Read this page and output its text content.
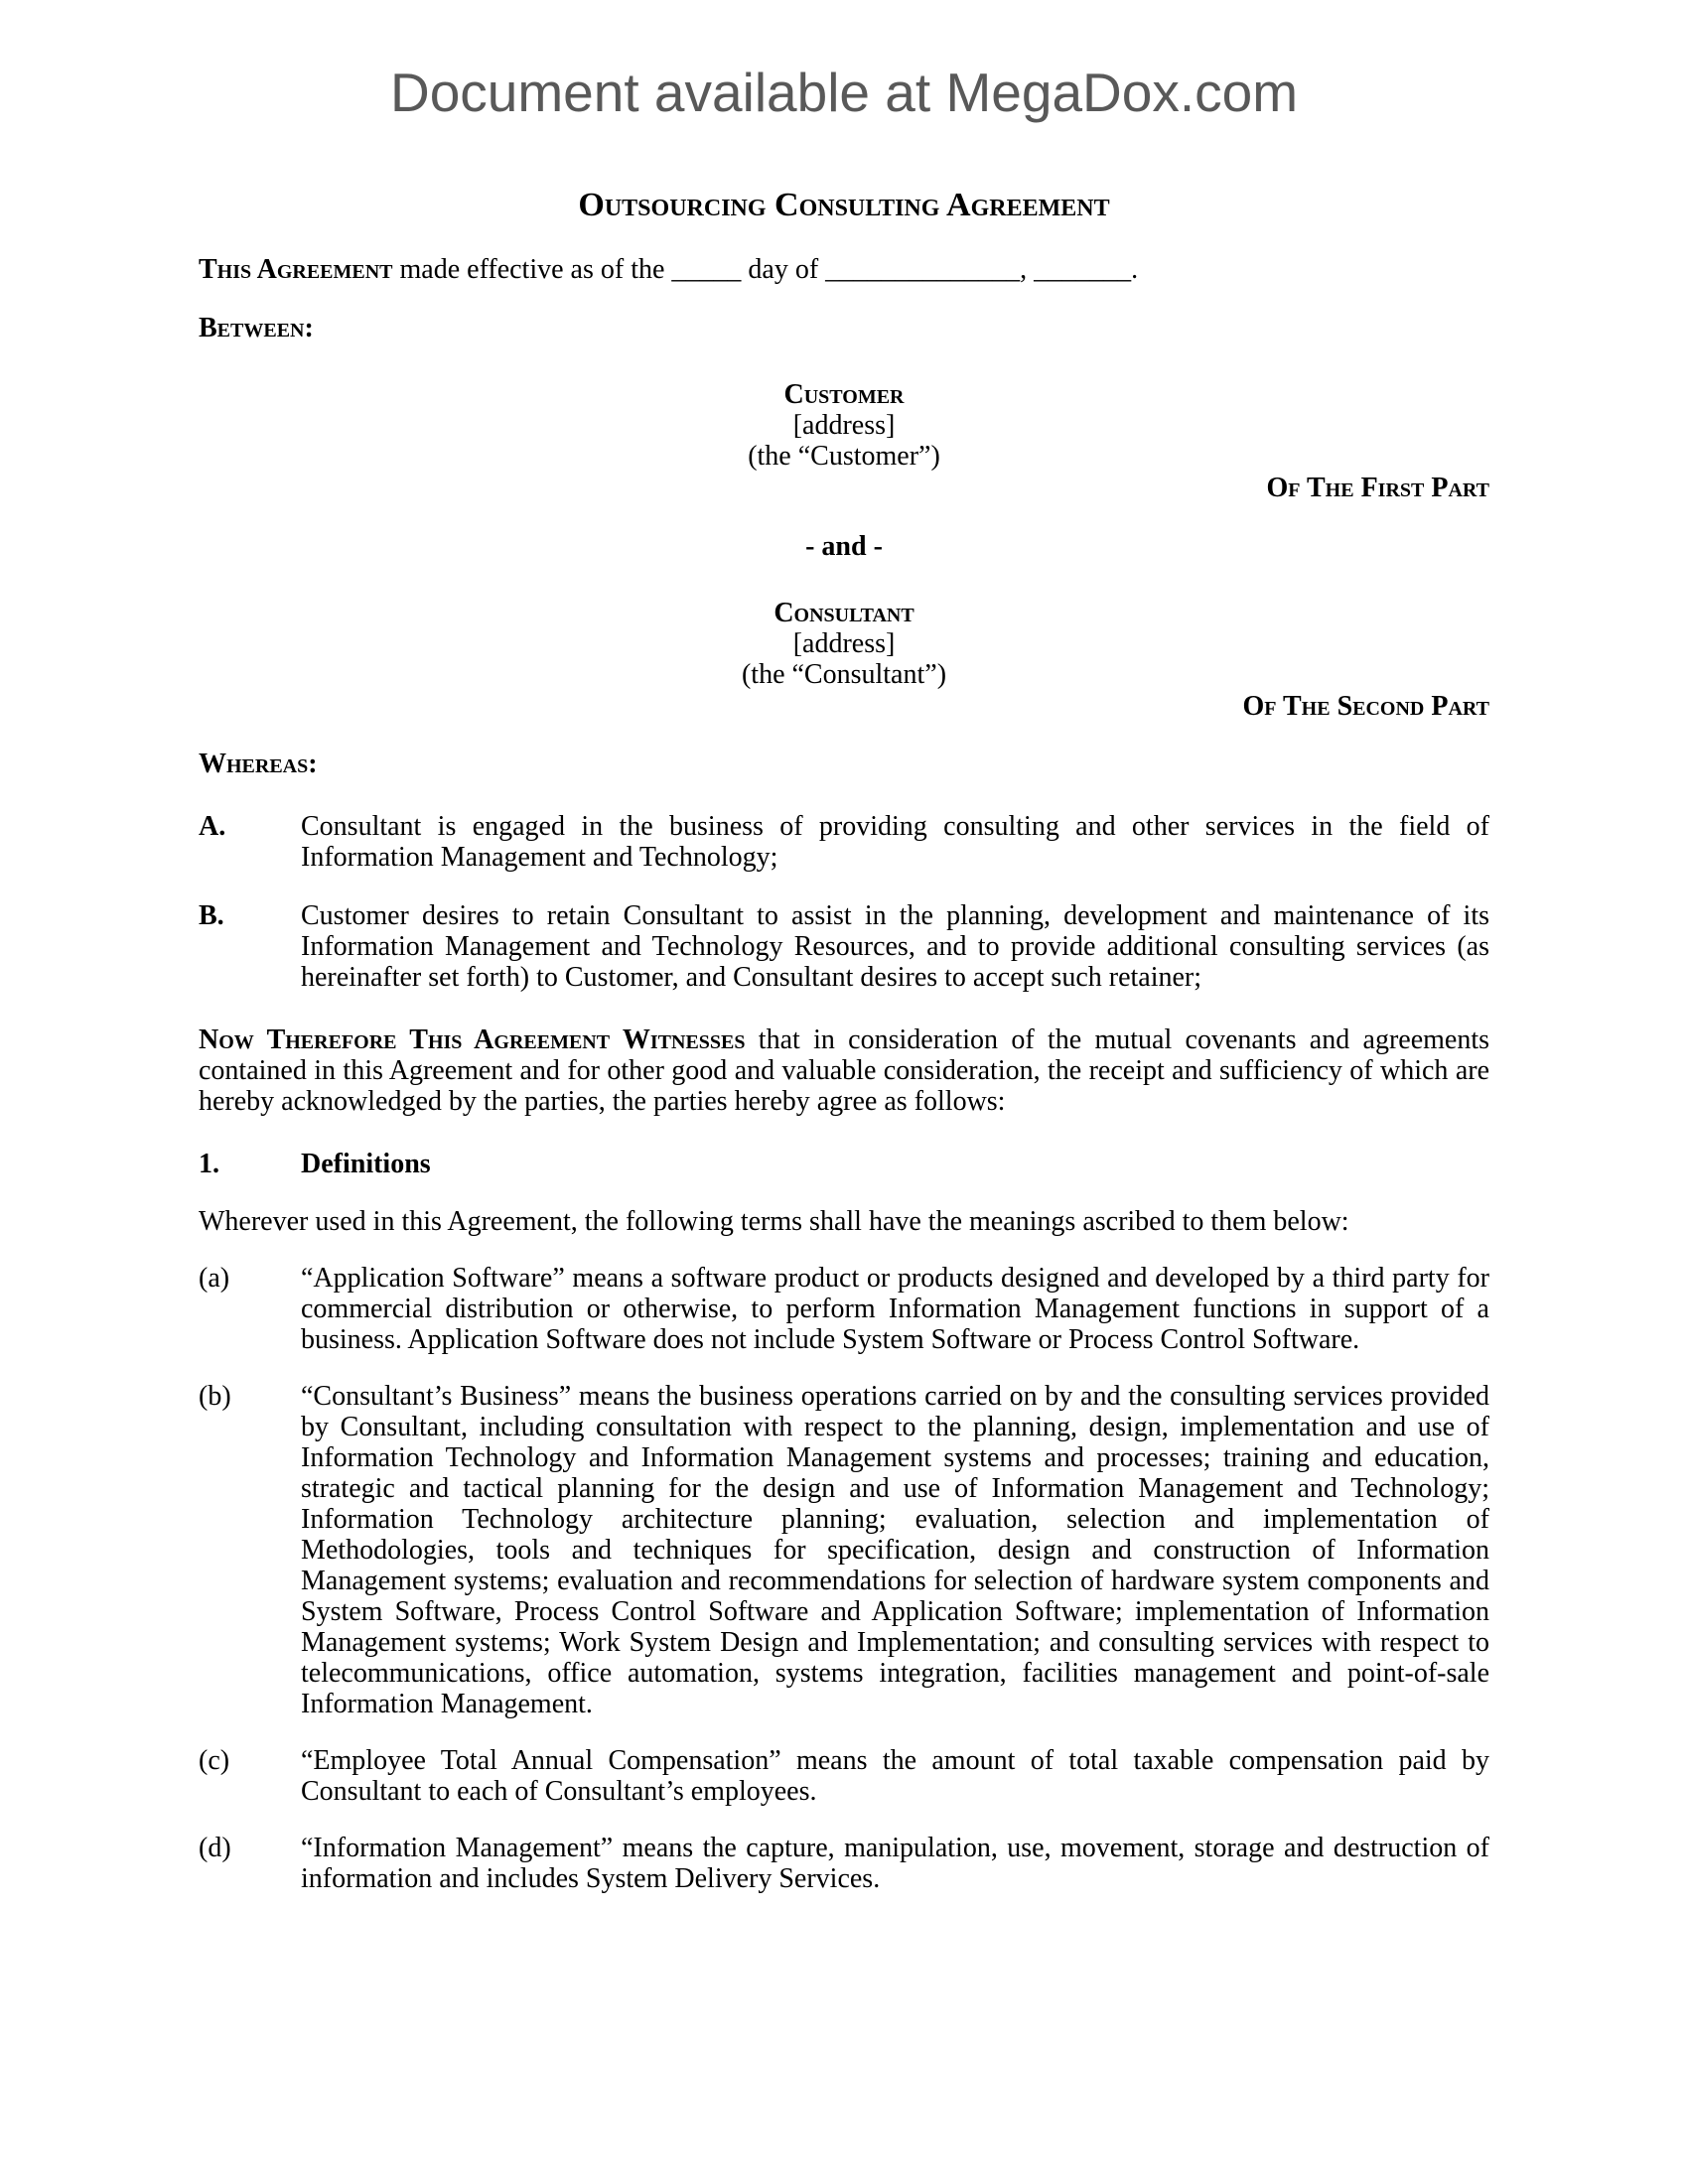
Document available at MegaDox.com
Outsourcing Consulting Agreement

This Agreement made effective as of the _____ day of ______________, _______.

Between:

Customer
[address]
(the “Customer”)
Of The First Part
- and -
Consultant
[address]
(the “Consultant”)
Of The Second Part

Whereas:

A.	Consultant is engaged in the business of providing consulting and other services in the field of Information Management and Technology;
B.	Customer desires to retain Consultant to assist in the planning, development and maintenance of its Information Management and Technology Resources, and to provide additional consulting services (as hereinafter set forth) to Customer, and Consultant desires to accept such retainer;

Now Therefore This Agreement Witnesses that in consideration of the mutual covenants and agreements contained in this Agreement and for other good and valuable consideration, the receipt and sufficiency of which are hereby acknowledged by the parties, the parties hereby agree as follows:

1.	Definitions

Wherever used in this Agreement, the following terms shall have the meanings ascribed to them below:

(a)	“Application Software” means a software product or products designed and developed by a third party for commercial distribution or otherwise, to perform Information Management functions in support of a business. Application Software does not include System Software or Process Control Software.
(b)	“Consultant’s Business” means the business operations carried on by and the consulting services provided by Consultant, including consultation with respect to the planning, design, implementation and use of Information Technology and Information Management systems and processes; training and education, strategic and tactical planning for the design and use of Information Management and Technology; Information Technology architecture planning; evaluation, selection and implementation of Methodologies, tools and techniques for specification, design and construction of Information Management systems; evaluation and recommendations for selection of hardware system components and System Software, Process Control Software and Application Software; implementation of Information Management systems; Work System Design and Implementation; and consulting services with respect to telecommunications, office automation, systems integration, facilities management and point-of-sale Information Management.
(c)	“Employee Total Annual Compensation” means the amount of total taxable compensation paid by Consultant to each of Consultant’s employees.
(d)	“Information Management” means the capture, manipulation, use, movement, storage and destruction of information and includes System Delivery Services.
